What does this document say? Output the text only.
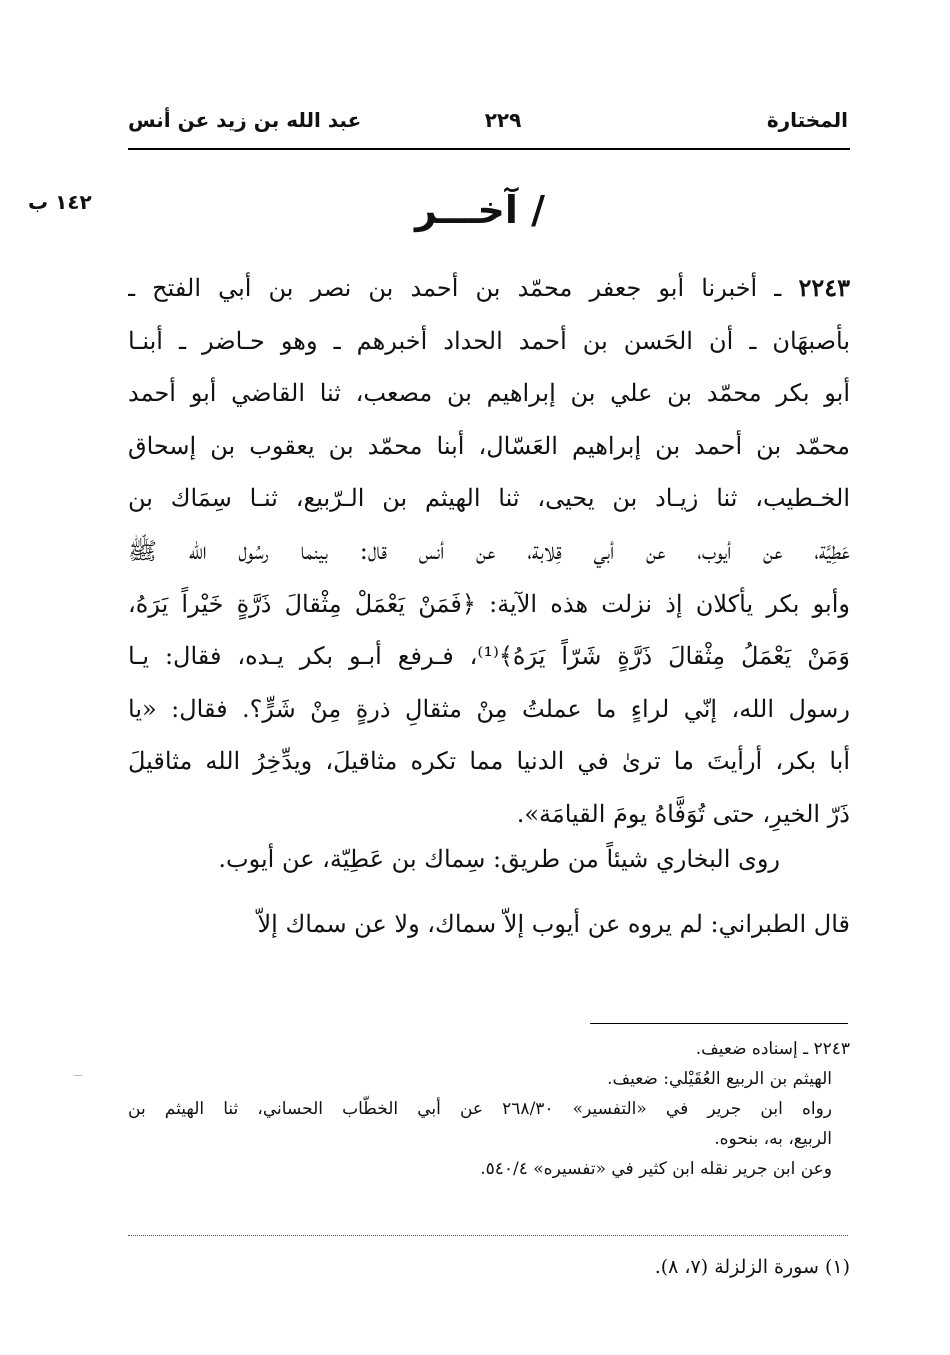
المختارة
٢٢٩
عبد الله بن زيد عن أنس
١٤٢ ب	/ آخـــر
٢٢٤٣ ـ أخبرنا أبو جعفر محمّد بن أحمد بن نصر بن أبي الفتح ـ
بأصبهَان ـ أن الحَسن بن أحمد الحداد أخبرهم ـ وهو حـاضر ـ أبنـا
أبو بكر محمّد بن علي بن إبراهيم بن مصعب، ثنا القاضي أبو أحمد
محمّد بن أحمد بن إبراهيم العَسّال، أبنا محمّد بن يعقوب بن إسحاق
الخـطيب، ثنا زيـاد بن يحيى، ثنا الهيثم بن الـرّبيع، ثنـا سِمَاك بن
عَطِيَّة، عن أيوب، عن أبي قِلابة، عن أنس قال: بينما رسُول الله ﷺ
وأبو بكر يأكلان إذ نزلت هذه الآية: ﴿فَمَنْ يَعْمَلْ مِثْقالَ ذَرَّةٍ خَيْراً يَرَهُ،
وَمَنْ يَعْمَلُ مِثْقالَ ذَرَّةٍ شَرّاً يَرَهُ﴾⁽¹⁾، فـرفع أبـو بكر يـده، فقال: يـا
رسول الله، إنّي لراءٍ ما عملتُ مِنْ مثقالِ ذرةٍ مِنْ شَرٍّ؟. فقال: «يا
أبا بكر، أرأيتَ ما ترىٰ في الدنيا مما تكره مثاقيلَ، ويدِّخِرُ الله مثاقيلَ
ذَرّ الخيرِ، حتى تُوَفَّاهُ يومَ القيامَة».
روى البخاري شيئاً من طريق: سِماك بن عَطِيّة، عن أيوب.
قال الطبراني: لم يروه عن أيوب إلاّ سماك، ولا عن سماك إلاّ
٢٢٤٣ ـ إسناده ضعيف.
الهيثم بن الربيع العُقَيْلي: ضعيف.
رواه ابن جرير في «التفسير» ٢٦٨/٣٠ عن أبي الخطّاب الحساني، ثنا الهيثم بن
الربيع، به، بنحوه.
وعن ابن جرير نقله ابن كثير في «تفسيره» ٥٤٠/٤.
(١) سورة الزلزلة (٧، ٨).
